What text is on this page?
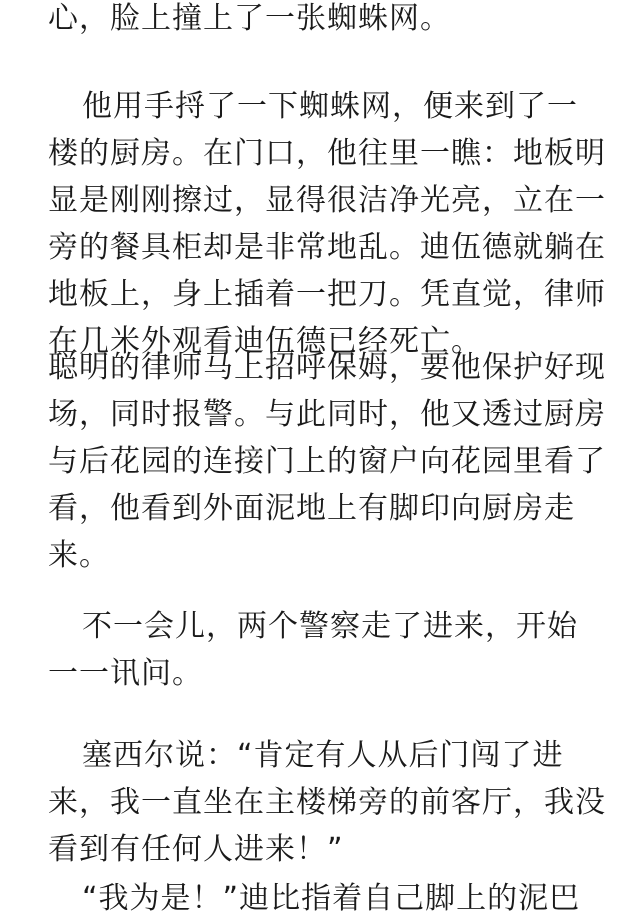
心，脸上撞上了一张蜘蛛网。

他用手捋了一下蜘蛛网，便来到了一楼的厨房。在门口，他往里一瞧：地板明显是刚刚擦过，显得很洁净光亮，立在一旁的餐具柜却是非常地乱。迪伍德就躺在地板上，身上插着一把刀。凭直觉，律师在几米外观看迪伍德已经死亡。

聪明的律师马上招呼保姆，要他保护好现场，同时报警。与此同时，他又透过厨房与后花园的连接门上的窗户向花园里看了看，他看到外面泥地上有脚印向厨房走来。

不一会儿，两个警察走了进来，开始一一讯问。

塞西尔说：“肯定有人从后门闯了进来，我一直坐在主楼梯旁的前客厅，我没看到有任何人进来！”

“我为是！”迪比指着自己脚上的泥巴
